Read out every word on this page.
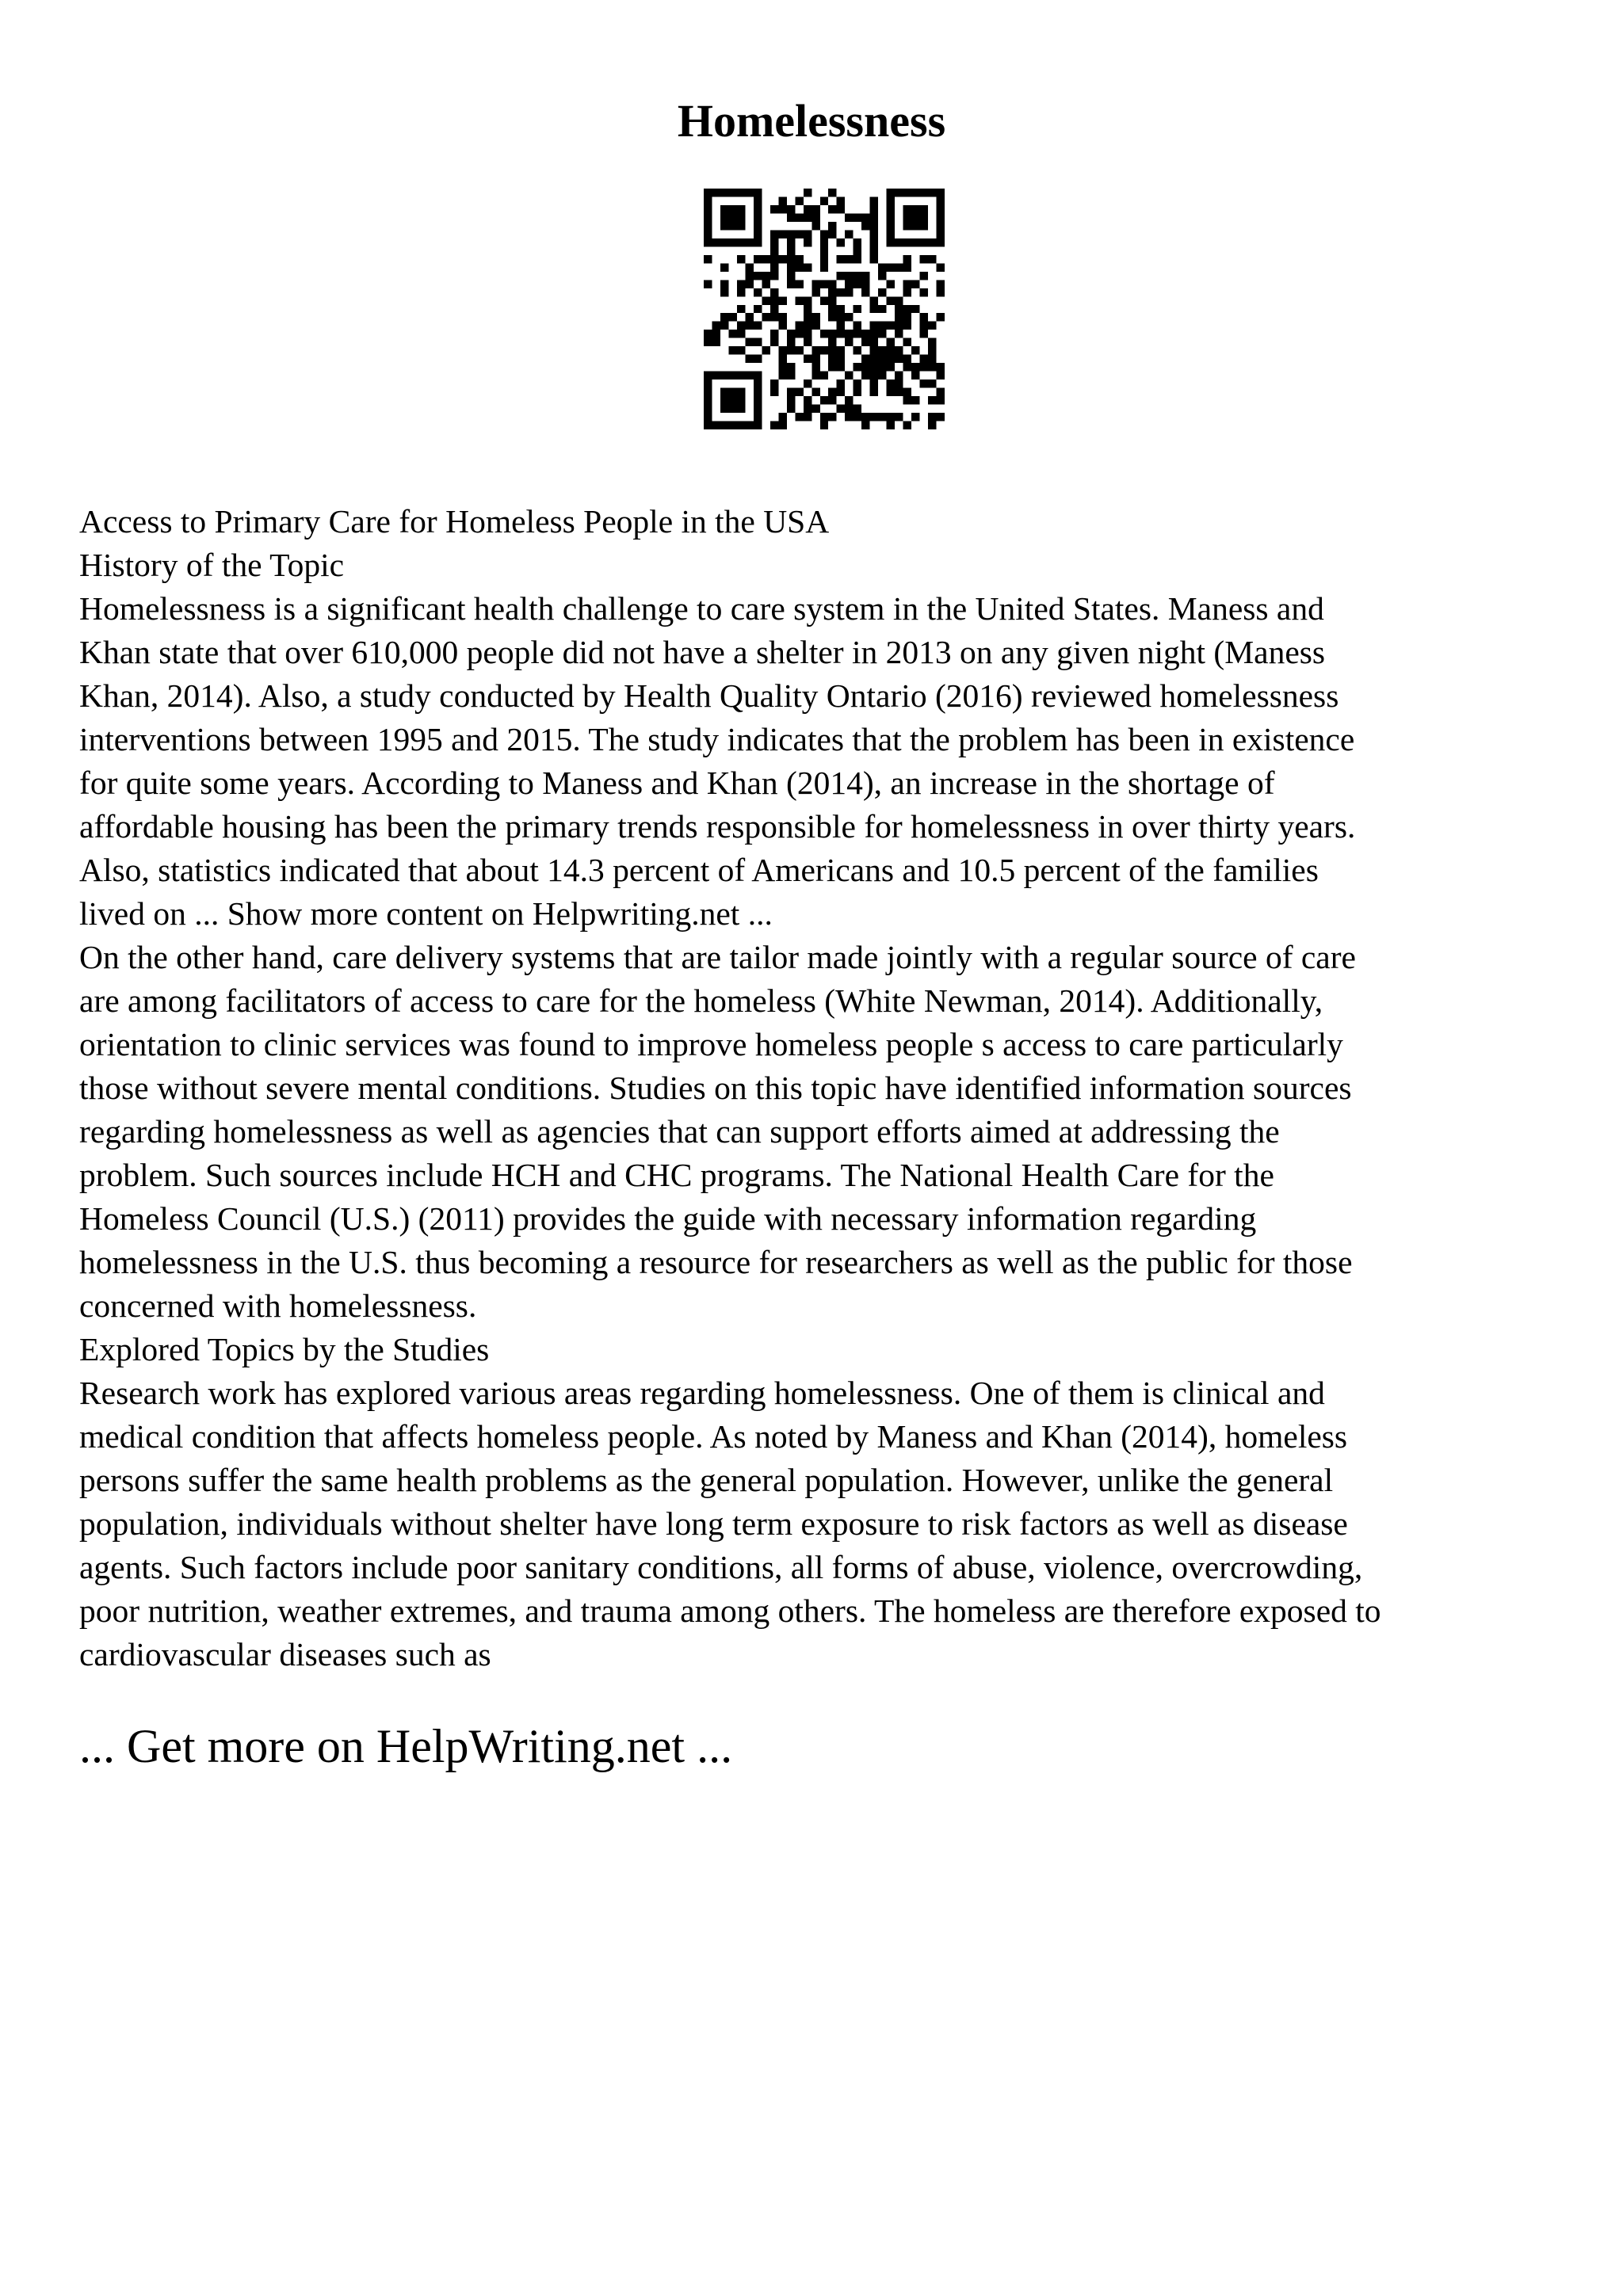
Homelessness
Access to Primary Care for Homeless People in the USA
History of the Topic
Homelessness is a significant health challenge to care system in the United States. Maness and
Khan state that over 610,000 people did not have a shelter in 2013 on any given night (Maness
Khan, 2014). Also, a study conducted by Health Quality Ontario (2016) reviewed homelessness
interventions between 1995 and 2015. The study indicates that the problem has been in existence
for quite some years. According to Maness and Khan (2014), an increase in the shortage of
affordable housing has been the primary trends responsible for homelessness in over thirty years.
Also, statistics indicated that about 14.3 percent of Americans and 10.5 percent of the families
lived on ... Show more content on Helpwriting.net ...
On the other hand, care delivery systems that are tailor made jointly with a regular source of care
are among facilitators of access to care for the homeless (White Newman, 2014). Additionally,
orientation to clinic services was found to improve homeless people s access to care particularly
those without severe mental conditions. Studies on this topic have identified information sources
regarding homelessness as well as agencies that can support efforts aimed at addressing the
problem. Such sources include HCH and CHC programs. The National Health Care for the
Homeless Council (U.S.) (2011) provides the guide with necessary information regarding
homelessness in the U.S. thus becoming a resource for researchers as well as the public for those
concerned with homelessness.
Explored Topics by the Studies
Research work has explored various areas regarding homelessness. One of them is clinical and
medical condition that affects homeless people. As noted by Maness and Khan (2014), homeless
persons suffer the same health problems as the general population. However, unlike the general
population, individuals without shelter have long term exposure to risk factors as well as disease
agents. Such factors include poor sanitary conditions, all forms of abuse, violence, overcrowding,
poor nutrition, weather extremes, and trauma among others. The homeless are therefore exposed to
cardiovascular diseases such as
... Get more on HelpWriting.net ...
